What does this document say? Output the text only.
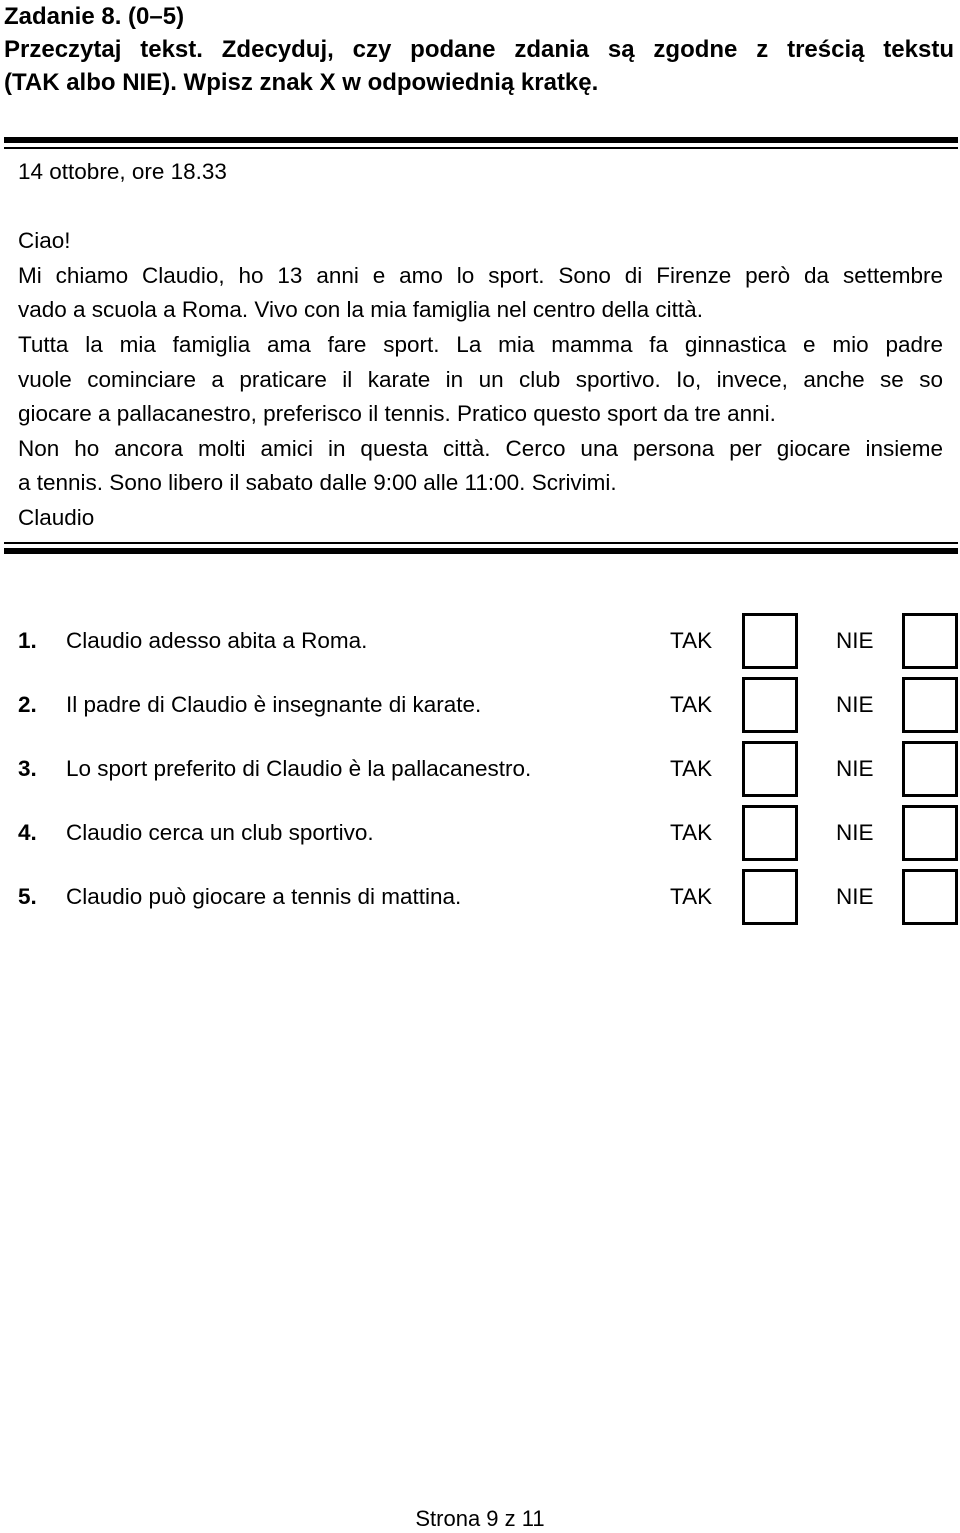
Zadanie 8. (0–5)
Przeczytaj tekst. Zdecyduj, czy podane zdania są zgodne z treścią tekstu
(TAK albo NIE). Wpisz znak X w odpowiednią kratkę.
14 ottobre, ore 18.33

Ciao!
Mi chiamo Claudio, ho 13 anni e amo lo sport. Sono di Firenze però da settembre
vado a scuola a Roma. Vivo con la mia famiglia nel centro della città.
Tutta la mia famiglia ama fare sport. La mia mamma fa ginnastica e mio padre
vuole cominciare a praticare il karate in un club sportivo. Io, invece, anche se so
giocare a pallacanestro, preferisco il tennis. Pratico questo sport da tre anni.
Non ho ancora molti amici in questa città. Cerco una persona per giocare insieme
a tennis. Sono libero il sabato dalle 9:00 alle 11:00. Scrivimi.
Claudio
1. Claudio adesso abita a Roma.	TAK	NIE
2. Il padre di Claudio è insegnante di karate.	TAK	NIE
3. Lo sport preferito di Claudio è la pallacanestro.	TAK	NIE
4. Claudio cerca un club sportivo.	TAK	NIE
5. Claudio può giocare a tennis di mattina.	TAK	NIE
Strona 9 z 11
